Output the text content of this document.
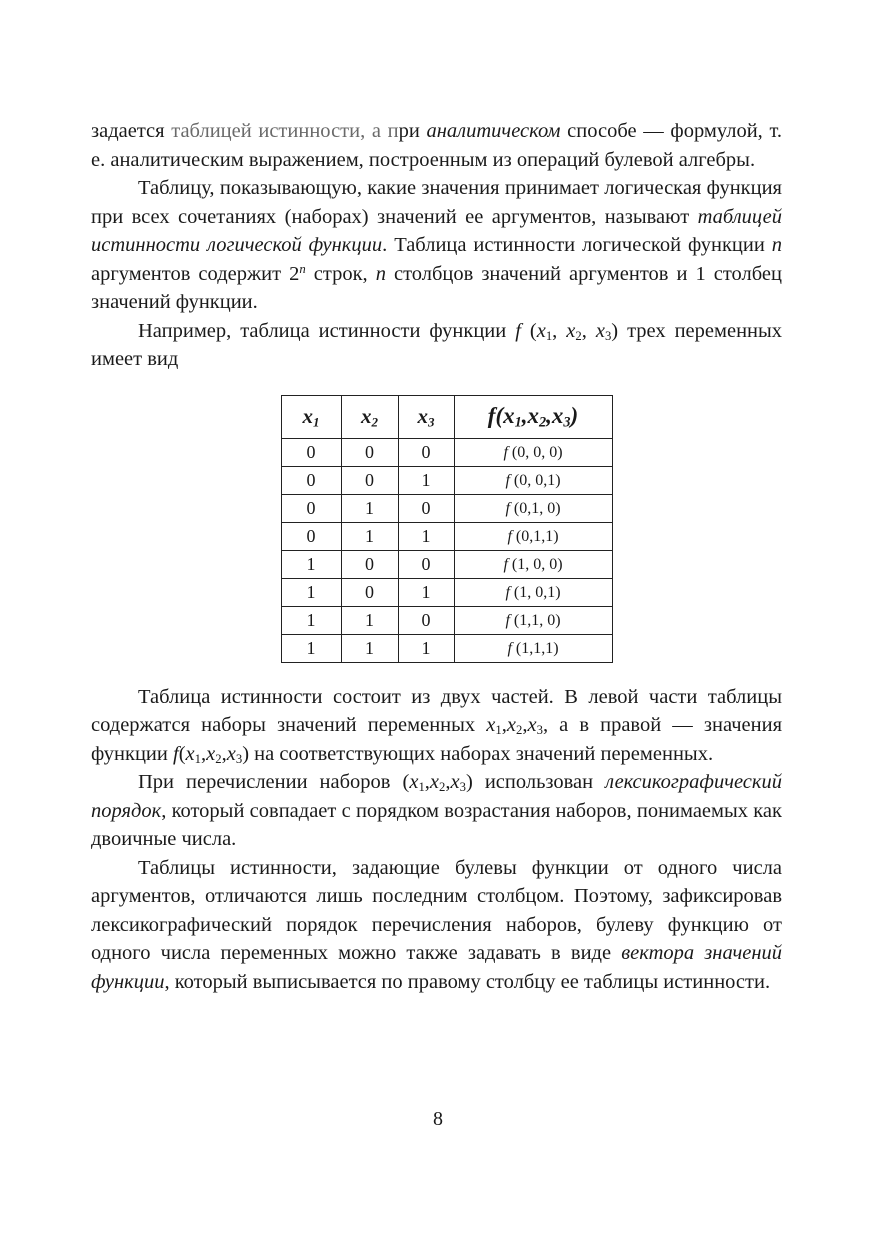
задается таблицей истинности, а при аналитическом способе — формулой, т. е. аналитическим выражением, построенным из операций булевой алгебры.

Таблицу, показывающую, какие значения принимает логическая функция при всех сочетаниях (наборах) значений ее аргументов, называют таблицей истинности логической функции. Таблица истинности логической функции n аргументов содержит 2$^n$ строк, n столбцов значений аргументов и 1 столбец значений функции.

Например, таблица истинности функции f ($x_1$, $x_2$, $x_3$) трех переменных имеет вид

$x_1$	$x_2$	$x_3$	$f(x_1,x_2,x_3)$
0	0	0	f (0, 0, 0)
0	0	1	f (0, 0,1)
0	1	0	f (0,1, 0)
0	1	1	f (0,1,1)
1	0	0	f (1, 0, 0)
1	0	1	f (1, 0,1)
1	1	0	f (1,1, 0)
1	1	1	f (1,1,1)

Таблица истинности состоит из двух частей. В левой части таблицы содержатся наборы значений переменных $x_1,x_2,x_3$, а в правой — значения функции $f(x_1,x_2,x_3)$ на соответствующих наборах значений переменных.

При перечислении наборов $(x_1,x_2,x_3)$ использован лексикографический порядок, который совпадает с порядком возрастания наборов, понимаемых как двоичные числа.

Таблицы истинности, задающие булевы функции от одного числа аргументов, отличаются лишь последним столбцом. Поэтому, зафиксировав лексикографический порядок перечисления наборов, булеву функцию от одного числа переменных можно также задавать в виде вектора значений функции, который выписывается по правому столбцу ее таблицы истинности.

8
